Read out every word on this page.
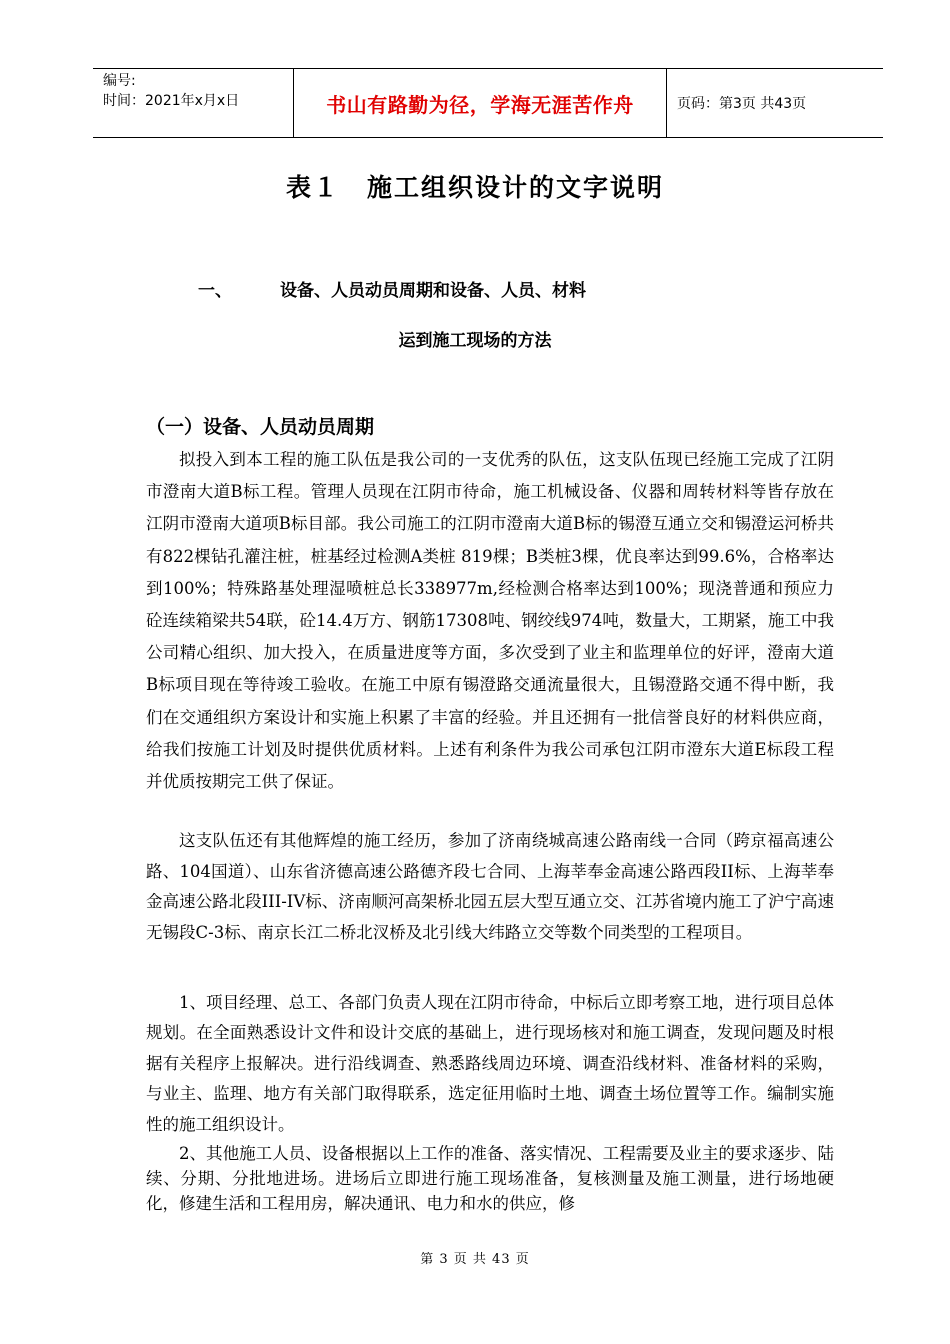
编号:
时间：2021年x月x日	书山有路勤为径，学海无涯苦作舟	页码：第3页 共43页
表１　施工组织设计的文字说明
一、	设备、人员动员周期和设备、人员、材料
运到施工现场的方法
（一）设备、人员动员周期

拟投入到本工程的施工队伍是我公司的一支优秀的队伍，这支队伍现已经施工完成了江阴市澄南大道B标工程。管理人员现在江阴市待命，施工机械设备、仪器和周转材料等皆存放在江阴市澄南大道项B标目部。我公司施工的江阴市澄南大道B标的锡澄互通立交和锡澄运河桥共有822棵钻孔灌注桩，桩基经过检测A类桩 819棵；B类桩3棵，优良率达到99.6%，合格率达到100%；特殊路基处理湿喷桩总长338977m,经检测合格率达到100%；现浇普通和预应力砼连续箱梁共54联，砼14.4万方、钢筋17308吨、钢绞线974吨，数量大，工期紧，施工中我公司精心组织、加大投入，在质量进度等方面，多次受到了业主和监理单位的好评，澄南大道B标项目现在等待竣工验收。在施工中原有锡澄路交通流量很大，且锡澄路交通不得中断，我们在交通组织方案设计和实施上积累了丰富的经验。并且还拥有一批信誉良好的材料供应商，给我们按施工计划及时提供优质材料。上述有利条件为我公司承包江阴市澄东大道E标段工程并优质按期完工供了保证。

这支队伍还有其他辉煌的施工经历，参加了济南绕城高速公路南线一合同（跨京福高速公路、104国道）、山东省济德高速公路德齐段七合同、上海莘奉金高速公路西段II标、上海莘奉金高速公路北段III-IV标、济南顺河高架桥北园五层大型互通立交、江苏省境内施工了沪宁高速无锡段C-3标、南京长江二桥北汊桥及北引线大纬路立交等数个同类型的工程项目。

1、项目经理、总工、各部门负责人现在江阴市待命，中标后立即考察工地，进行项目总体规划。在全面熟悉设计文件和设计交底的基础上，进行现场核对和施工调查，发现问题及时根据有关程序上报解决。进行沿线调查、熟悉路线周边环境、调查沿线材料、准备材料的采购，与业主、监理、地方有关部门取得联系，选定征用临时土地、调查土场位置等工作。编制实施性的施工组织设计。

2、其他施工人员、设备根据以上工作的准备、落实情况、工程需要及业主的要求逐步、陆续、分期、分批地进场。进场后立即进行施工现场准备，复核测量及施工测量，进行场地硬化，修建生活和工程用房，解决通讯、电力和水的供应，修

第 3 页 共 43 页
